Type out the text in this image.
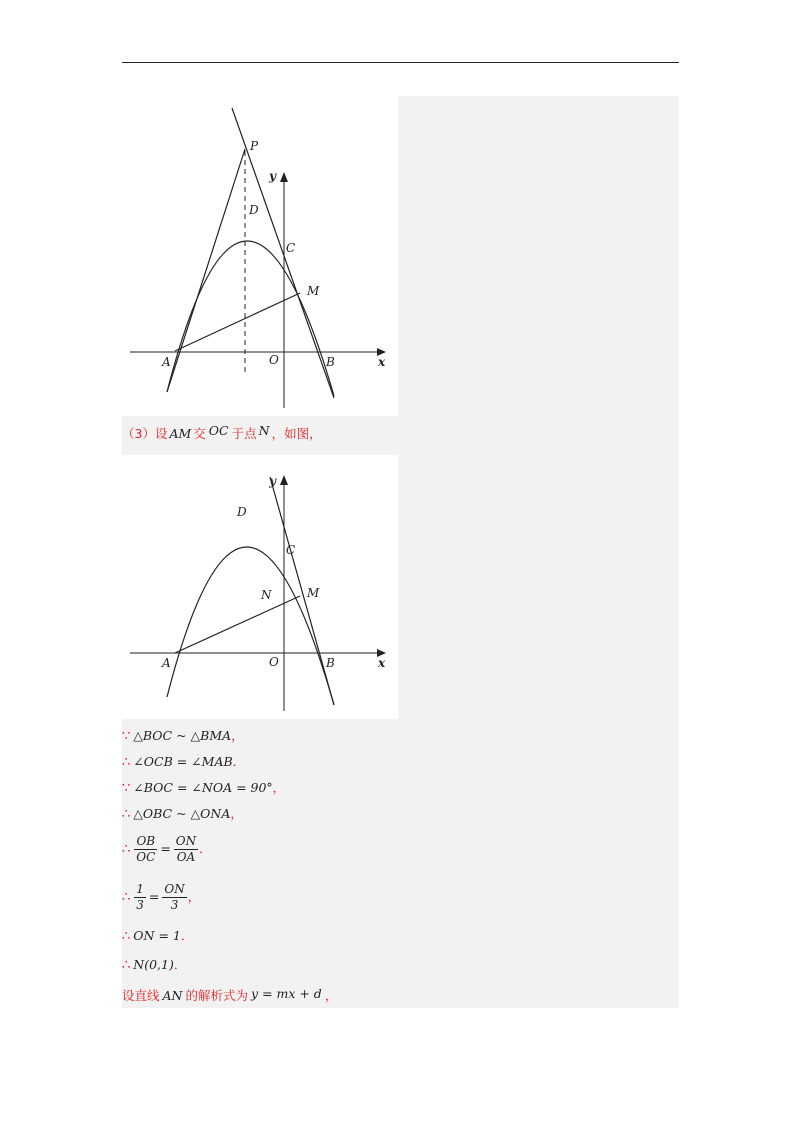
P
y
D
C
M
A	O	B	x
（3）设 AM 交 OC 于点 N ，如图，
y
D
C
N	M
A	O	B	x
∵ △BOC ~ △BMA ，
∴ ∠OCB = ∠MAB ．
∵ ∠BOC = ∠NOA = 90° ，
∴ △OBC ~ △ONA ，
∴ $\frac{OB}{OC} = \frac{ON}{OA}$ ．
∴ $\frac{1}{3} = \frac{ON}{3}$ ，
∴ ON = 1 ．
∴ N(0,1) ．
设直线 AN 的解析式为 y = mx + d ，
